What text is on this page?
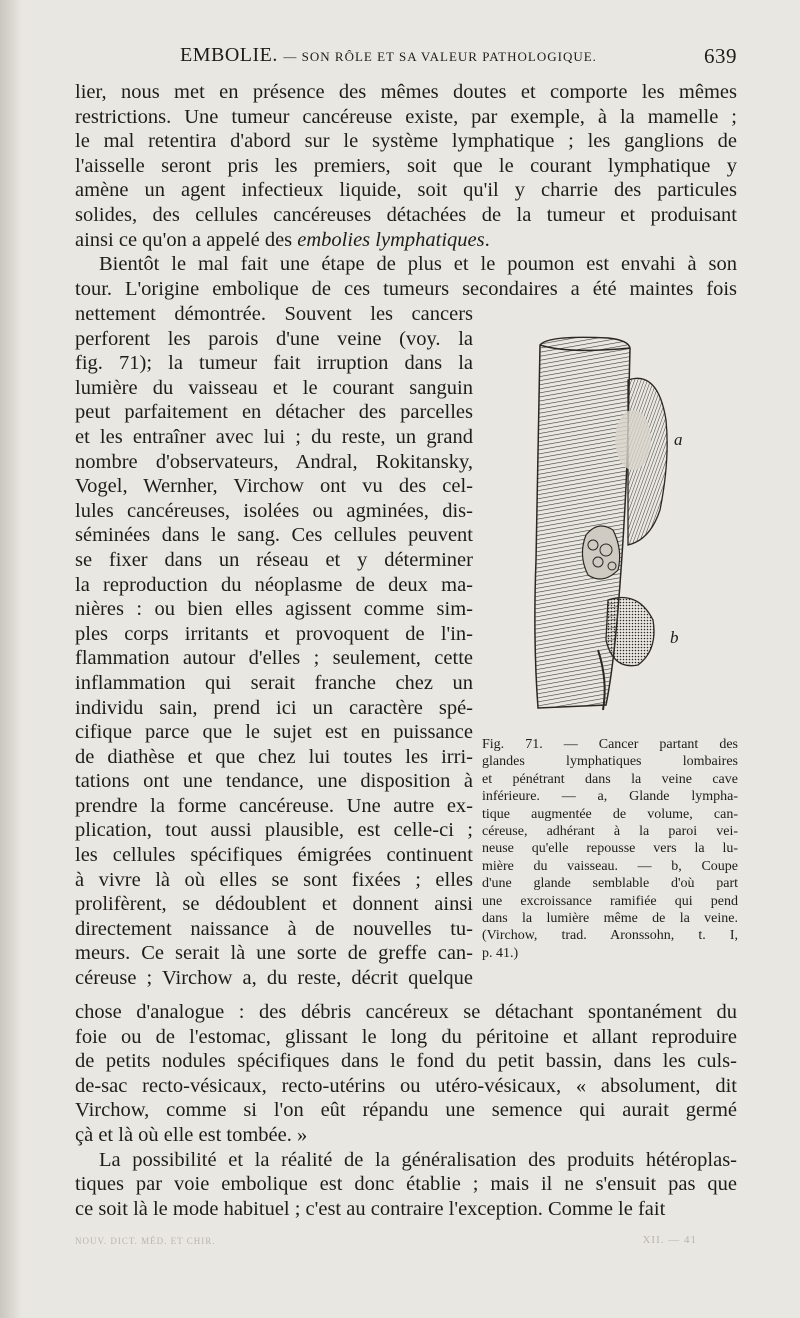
EMBOLIE. — SON RÔLE ET SA VALEUR PATHOLOGIQUE.	639
lier, nous met en présence des mêmes doutes et comporte les mêmes
restrictions. Une tumeur cancéreuse existe, par exemple, à la mamelle ;
le mal retentira d'abord sur le système lymphatique ; les ganglions de
l'aisselle seront pris les premiers, soit que le courant lymphatique y
amène un agent infectieux liquide, soit qu'il y charrie des particules
solides, des cellules cancéreuses détachées de la tumeur et produisant
ainsi ce qu'on a appelé des embolies lymphatiques.
Bientôt le mal fait une étape de plus et le poumon est envahi à son
tour. L'origine embolique de ces tumeurs secondaires a été maintes fois
nettement démontrée. Souvent les cancers
perforent les parois d'une veine (voy. la
fig. 71); la tumeur fait irruption dans la
lumière du vaisseau et le courant sanguin
peut parfaitement en détacher des parcelles
et les entraîner avec lui ; du reste, un grand
nombre d'observateurs, Andral, Rokitansky,
Vogel, Wernher, Virchow ont vu des cel-
lules cancéreuses, isolées ou agminées, dis-
séminées dans le sang. Ces cellules peuvent
se fixer dans un réseau et y déterminer
la reproduction du néoplasme de deux ma-
nières : ou bien elles agissent comme sim-
ples corps irritants et provoquent de l'in-
flammation autour d'elles ; seulement, cette
inflammation qui serait franche chez un
individu sain, prend ici un caractère spé-
cifique parce que le sujet est en puissance
de diathèse et que chez lui toutes les irri-
tations ont une tendance, une disposition à
prendre la forme cancéreuse. Une autre ex-
plication, tout aussi plausible, est celle-ci ;
les cellules spécifiques émigrées continuent
à vivre là où elles se sont fixées ; elles
prolifèrent, se dédoublent et donnent ainsi
directement naissance à de nouvelles tu-
meurs. Ce serait là une sorte de greffe can-
céreuse ; Virchow a, du reste, décrit quelque
a
b
Fig. 71. — Cancer partant des
glandes lymphatiques lombaires
et pénétrant dans la veine cave
inférieure. — a, Glande lympha-
tique augmentée de volume, can-
céreuse, adhérant à la paroi vei-
neuse qu'elle repousse vers la lu-
mière du vaisseau. — b, Coupe
d'une glande semblable d'où part
une excroissance ramifiée qui pend
dans la lumière même de la veine.
(Virchow, trad. Aronssohn, t. I,
p. 41.)
chose d'analogue : des débris cancéreux se détachant spontanément du
foie ou de l'estomac, glissant le long du péritoine et allant reproduire
de petits nodules spécifiques dans le fond du petit bassin, dans les culs-
de-sac recto-vésicaux, recto-utérins ou utéro-vésicaux, « absolument, dit
Virchow, comme si l'on eût répandu une semence qui aurait germé
çà et là où elle est tombée. »
La possibilité et la réalité de la généralisation des produits hétéroplas-
tiques par voie embolique est donc établie ; mais il ne s'ensuit pas que
ce soit là le mode habituel ; c'est au contraire l'exception. Comme le fait
NOUV. DICT. MÉD. ET CHIR.	XII. — 41
